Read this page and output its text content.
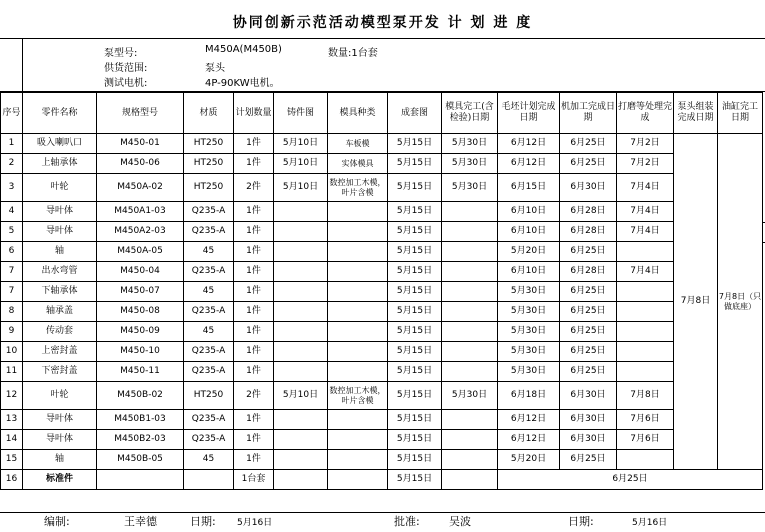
协同创新示范活动模型泵开发 计 划 进 度
泵型号:	M450A(M450B)	数量:1台套
供货范围:	泵头
测试电机:	4P-90KW电机。
序号	零件名称	规格型号	材质	计划数量	铸件图	模具种类	成套图	模具完工(含检验)日期	毛坯计划完成日期	机加工完成日期	打磨等处理完成	泵头组装完成日期	油缸完工日期
1	吸入喇叭口	M450-01	HT250	1件	5月10日	车板模	5月15日	5月30日	6月12日	6月25日	7月2日	7月8日	7月8日（只做底座）
2	上轴承体	M450-06	HT250	1件	5月10日	实体模具	5月15日	5月30日	6月12日	6月25日	7月2日		
3	叶轮	M450A-02	HT250	2件	5月10日	数控加工木模，叶片含模	5月15日	5月30日	6月15日	6月30日	7月4日		
4	导叶体	M450A1-03	Q235-A	1件			5月15日		6月10日	6月28日	7月4日		
5	导叶体	M450A2-03	Q235-A	1件			5月15日		6月10日	6月28日	7月4日		
6	轴	M450A-05	45	1件			5月15日		5月20日	6月25日			
7	出水弯管	M450-04	Q235-A	1件			5月15日		6月10日	6月28日	7月4日		
7	下轴承体	M450-07	45	1件			5月15日		5月30日	6月25日			
8	轴承盖	M450-08	Q235-A	1件			5月15日		5月30日	6月25日			
9	传动套	M450-09	45	1件			5月15日		5月30日	6月25日			
10	上密封盖	M450-10	Q235-A	1件			5月15日		5月30日	6月25日			
11	下密封盖	M450-11	Q235-A	1件			5月15日		5月30日	6月25日			
12	叶轮	M450B-02	HT250	2件	5月10日	数控加工木模，叶片含模	5月15日	5月30日	6月18日	6月30日	7月8日		
13	导叶体	M450B1-03	Q235-A	1件			5月15日		6月12日	6月30日	7月6日		
14	导叶体	M450B2-03	Q235-A	1件			5月15日		6月12日	6月30日	7月6日		
15	轴	M450B-05	45	1件			5月15日		5月20日	6月25日			
16	标准件			1台套			5月15日		6月25日				
编制:	王幸德	日期: 5月16日	批准:	吴波	日期:	5月16日
